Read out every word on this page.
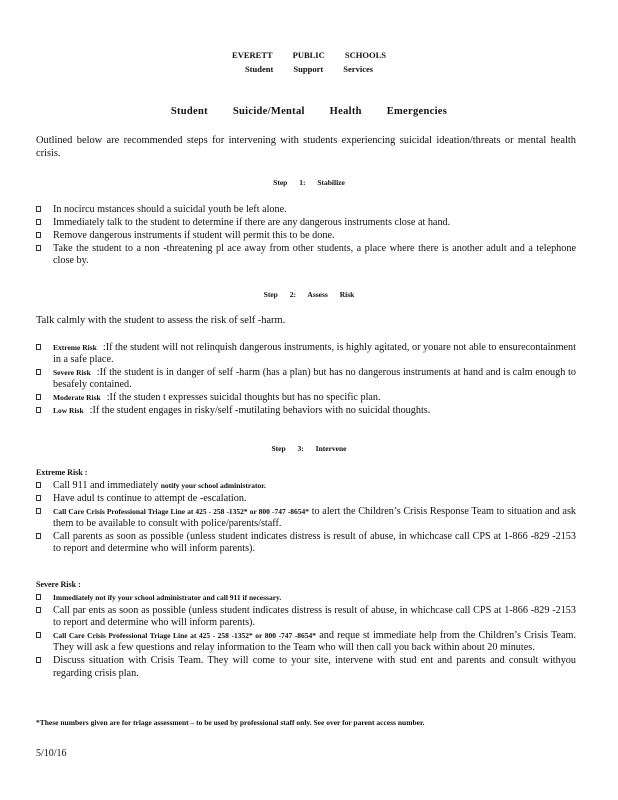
EVERETT PUBLIC SCHOOLS
Student Support Services
Student Suicide/Mental Health Emergencies
Outlined below are recommended steps for intervening with students experiencing suicidal ideation/threats or mental health crisis.
Step 1: Stabilize
In nocircu mstances should a suicidal youth be left alone.
Immediately talk to the student to determine if there are any dangerous instruments close at hand.
Remove dangerous instruments if student will permit this to be done.
Take the student to a non -threatening pl ace away from other students, a place where there is another adult and a telephone close by.
Step 2: Assess Risk
Talk calmly with the student to assess the risk of self -harm.
Extreme Risk :If the student will not relinquish dangerous instruments, is highly agitated, or youare not able to ensurecontainment in a safe place.
Severe Risk :If the student is in danger of self -harm (has a plan) but has no dangerous instruments at hand and is calm enough to besafely contained.
Moderate Risk :If the studen t expresses suicidal thoughts but has no specific plan.
Low Risk :If the student engages in risky/self -mutilating behaviors with no suicidal thoughts.
Step 3: Intervene
Extreme Risk :
Call 911 and immediately notify your school administrator.
Have adul ts continue to attempt de -escalation.
Call Care Crisis Professional Triage Line at 425 - 258 -1352* or 800 -747 -8654* to alert the Children’s Crisis Response Team to situation and ask them to be available to consult with police/parents/staff.
Call parents as soon as possible (unless student indicates distress is result of abuse, in whichcase call CPS at 1-866 -829 -2153 to report and determine who will inform parents).
Severe Risk :
Immediately not ify your school administrator and call 911 if necessary.
Call par ents as soon as possible (unless student indicates distress is result of abuse, in whichcase call CPS at 1-866 -829 -2153 to report and determine who will inform parents).
Call Care Crisis Professional Triage Line at 425 - 258 -1352* or 800 -747 -8654* and reque st immediate help from the Children’s Crisis Team. They will ask a few questions and relay information to the Team who will then call you back within about 20 minutes.
Discuss situation with Crisis Team. They will come to your site, intervene with stud ent and parents and consult withyou regarding crisis plan.
*These numbers given are for triage assessment – to be used by professional staff only. See over for parent access number.
5/10/16
